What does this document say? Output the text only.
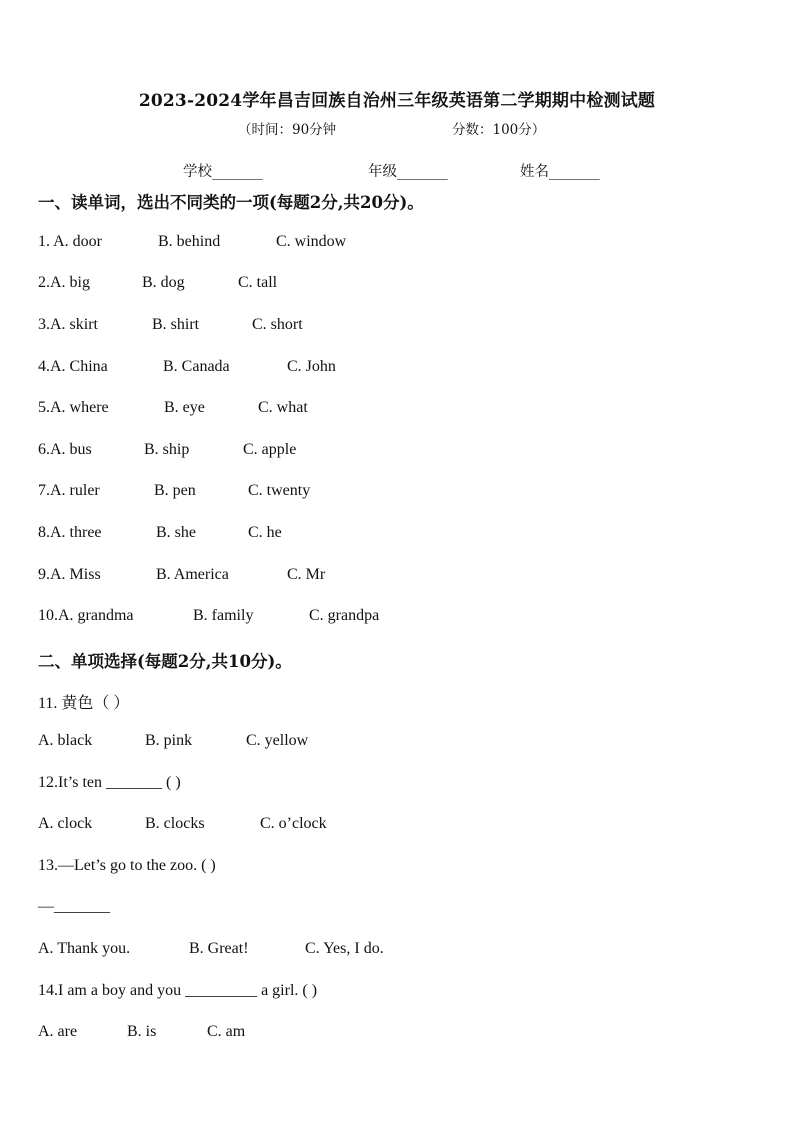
2023-2024学年昌吉回族自治州三年级英语第二学期期中检测试题
（时间：90分钟	分数：100分）
学校_______	年级_______	姓名_______
一、读单词，选出不同类的一项(每题2分,共20分)。
1. A. door	B. behind	C. window
2.A. big	B. dog	C. tall
3.A. skirt	B. shirt	C. short
4.A. China	B. Canada	C. John
5.A. where	B. eye	C. what
6.A. bus	B. ship	C. apple
7.A. ruler	B. pen	C. twenty
8.A. three	B. she	C. he
9.A. Miss	B. America	C. Mr
10.A. grandma	B. family	C. grandpa
二、单项选择(每题2分,共10分)。
11. 黄色（ ）
A. black	B. pink	C. yellow
12.It’s ten _______ ( )
A. clock	B. clocks	C. o’clock
13.—Let’s go to the zoo. ( )
—_______
A. Thank you.	B. Great!	C. Yes, I do.
14.I am a boy and you _________ a girl. ( )
A. are	B. is	C. am
